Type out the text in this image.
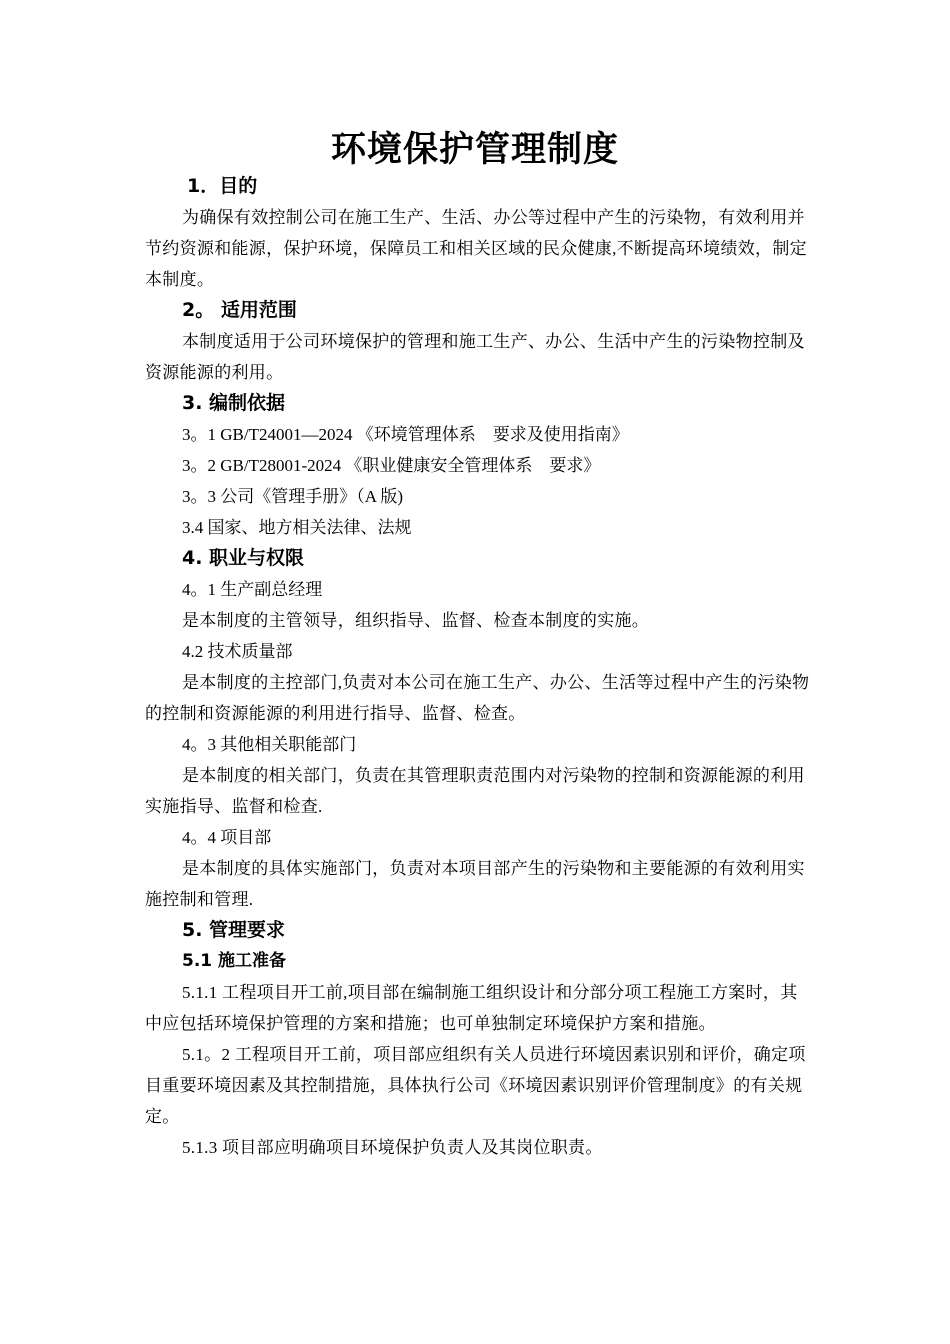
环境保护管理制度
1．目的

为确保有效控制公司在施工生产、生活、办公等过程中产生的污染物，有效利用并节约资源和能源，保护环境，保障员工和相关区域的民众健康,不断提高环境绩效，制定本制度。

2。 适用范围

本制度适用于公司环境保护的管理和施工生产、办公、生活中产生的污染物控制及资源能源的利用。

3. 编制依据

3。1 GB/T24001—2024 《环境管理体系　要求及使用指南》

3。2 GB/T28001-2024 《职业健康安全管理体系　要求》

3。3 公司《管理手册》（A 版)

3.4 国家、地方相关法律、法规

4. 职业与权限

4。1 生产副总经理

是本制度的主管领导，组织指导、监督、检查本制度的实施。

4.2 技术质量部

是本制度的主控部门,负责对本公司在施工生产、办公、生活等过程中产生的污染物的控制和资源能源的利用进行指导、监督、检查。

4。3 其他相关职能部门

是本制度的相关部门，负责在其管理职责范围内对污染物的控制和资源能源的利用实施指导、监督和检查.

4。4 项目部

是本制度的具体实施部门，负责对本项目部产生的污染物和主要能源的有效利用实施控制和管理.

5. 管理要求
5.1 施工准备

5.1.1 工程项目开工前,项目部在编制施工组织设计和分部分项工程施工方案时，其中应包括环境保护管理的方案和措施；也可单独制定环境保护方案和措施。

5.1。2 工程项目开工前，项目部应组织有关人员进行环境因素识别和评价，确定项目重要环境因素及其控制措施，具体执行公司《环境因素识别评价管理制度》的有关规定。

5.1.3 项目部应明确项目环境保护负责人及其岗位职责。
